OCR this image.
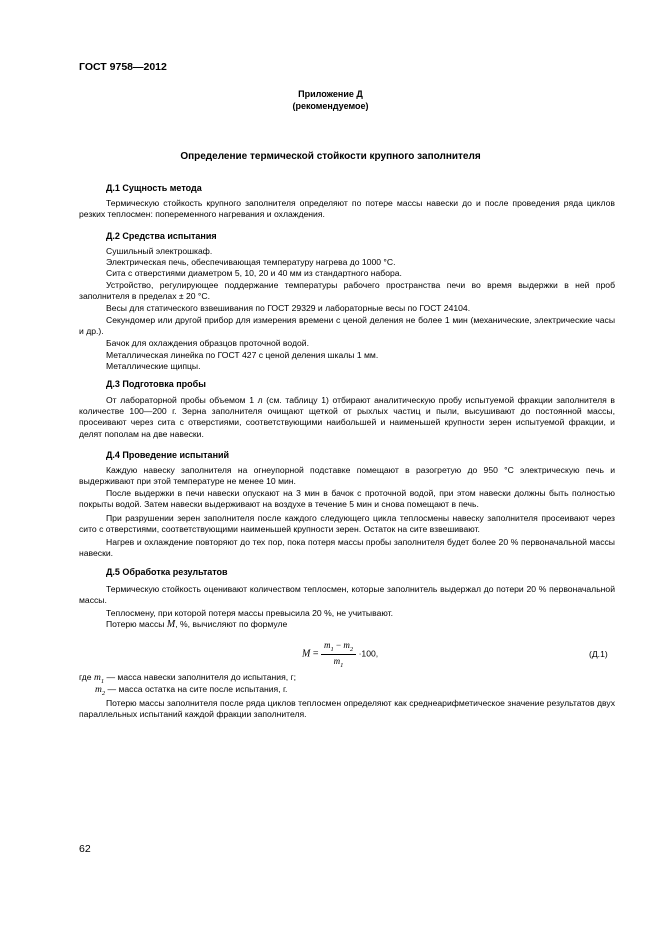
ГОСТ 9758—2012
Приложение Д
(рекомендуемое)
Определение термической стойкости крупного заполнителя
Д.1 Сущность метода
Термическую стойкость крупного заполнителя определяют по потере массы навески до и после проведения ряда циклов резких теплосмен: попеременного нагревания и охлаждения.
Д.2 Средства испытания
Сушильный электрошкаф.
Электрическая печь, обеспечивающая температуру нагрева до 1000 °С.
Сита с отверстиями диаметром 5, 10, 20 и 40 мм из стандартного набора.
Устройство, регулирующее поддержание температуры рабочего пространства печи во время выдержки в ней проб заполнителя в пределах ± 20 °С.
Весы для статического взвешивания по ГОСТ 29329 и лабораторные весы по ГОСТ 24104.
Секундомер или другой прибор для измерения времени с ценой деления не более 1 мин (механические, электрические часы и др.).
Бачок для охлаждения образцов проточной водой.
Металлическая линейка по ГОСТ 427 с ценой деления шкалы 1 мм.
Металлические щипцы.
Д.3 Подготовка пробы
От лабораторной пробы объемом 1 л (см. таблицу 1) отбирают аналитическую пробу испытуемой фракции заполнителя в количестве 100—200 г. Зерна заполнителя очищают щеткой от рыхлых частиц и пыли, высушивают до постоянной массы, просеивают через сита с отверстиями, соответствующими наибольшей и наименьшей крупности зерен испытуемой фракции, и делят пополам на две навески.
Д.4 Проведение испытаний
Каждую навеску заполнителя на огнеупорной подставке помещают в разогретую до 950 °С электрическую печь и выдерживают при этой температуре не менее 10 мин.
После выдержки в печи навески опускают на 3 мин в бачок с проточной водой, при этом навески должны быть полностью покрыты водой. Затем навески выдерживают на воздухе в течение 5 мин и снова помещают в печь.
При разрушении зерен заполнителя после каждого следующего цикла теплосмены навеску заполнителя просеивают через сито с отверстиями, соответствующими наименьшей крупности зерен. Остаток на сите взвешивают.
Нагрев и охлаждение повторяют до тех пор, пока потеря массы пробы заполнителя будет более 20 % первоначальной массы навески.
Д.5 Обработка результатов
Термическую стойкость оценивают количеством теплосмен, которые заполнитель выдержал до потери 20 % первоначальной массы.
Теплосмену, при которой потеря массы превысила 20 %, не учитывают.
Потерю массы M, %, вычисляют по формуле
$M = \frac{m_1 - m_2}{m_1} \cdot 100$,	(Д.1)
где $m_1$ — масса навески заполнителя до испытания, г;
$m_2$ — масса остатка на сите после испытания, г.
Потерю массы заполнителя после ряда циклов теплосмен определяют как среднеарифметическое значение результатов двух параллельных испытаний каждой фракции заполнителя.
62
